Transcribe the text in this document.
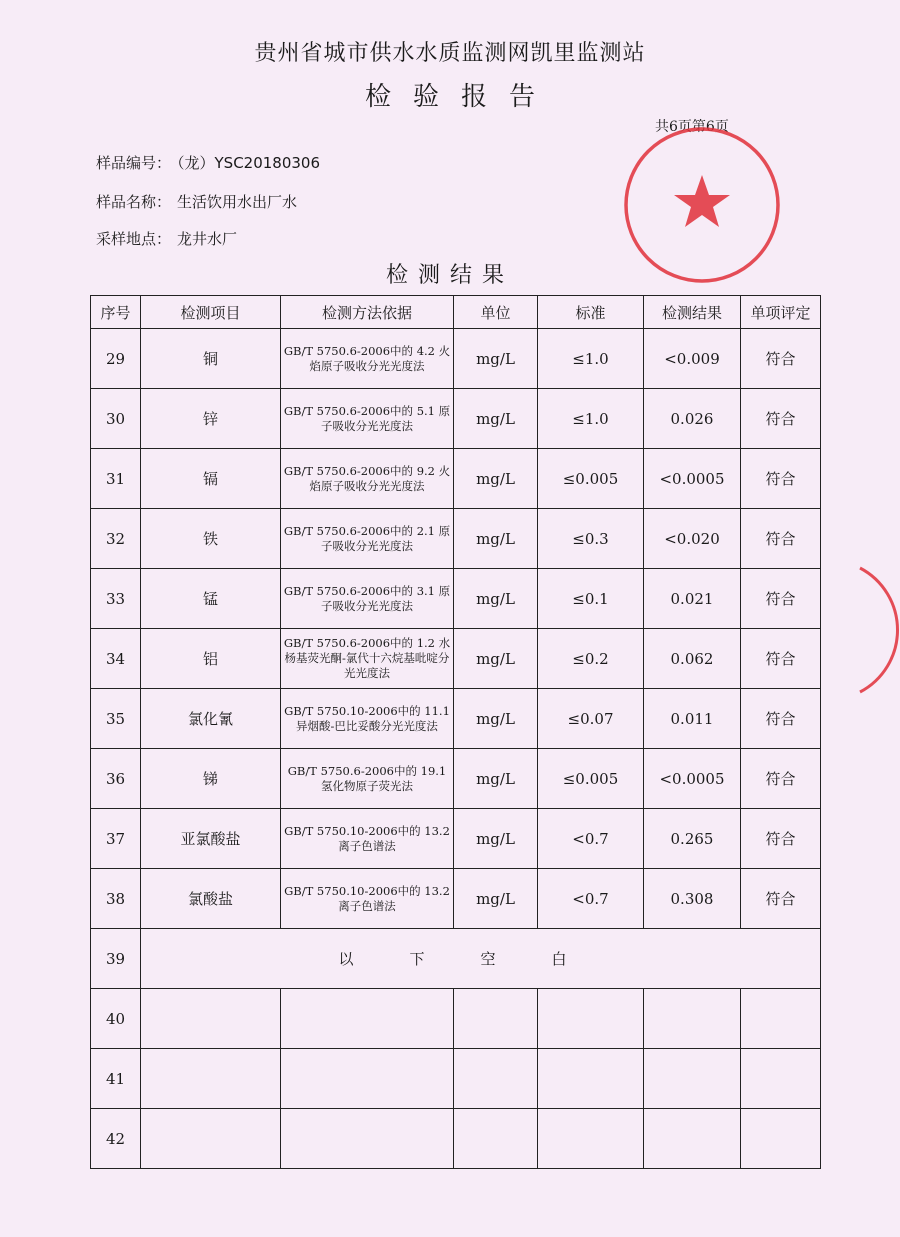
贵州省城市供水水质监测网凯里监测站
检验报告
共6页第6页
样品编号： （龙）YSC20180306
样品名称： 生活饮用水出厂水
采样地点： 龙井水厂
检测结果
序号	检测项目	检测方法依据	单位	标准	检测结果	单项评定
29	铜	GB/T 5750.6-2006中的 4.2 火焰原子吸收分光光度法	mg/L	≤1.0	<0.009	符合
30	锌	GB/T 5750.6-2006中的 5.1 原子吸收分光光度法	mg/L	≤1.0	0.026	符合
31	镉	GB/T 5750.6-2006中的 9.2 火焰原子吸收分光光度法	mg/L	≤0.005	<0.0005	符合
32	铁	GB/T 5750.6-2006中的 2.1 原子吸收分光光度法	mg/L	≤0.3	<0.020	符合
33	锰	GB/T 5750.6-2006中的 3.1 原子吸收分光光度法	mg/L	≤0.1	0.021	符合
34	铝	GB/T 5750.6-2006中的 1.2 水杨基荧光酮-氯代十六烷基吡啶分光光度法	mg/L	≤0.2	0.062	符合
35	氯化氰	GB/T 5750.10-2006中的 11.1 异烟酸-巴比妥酸分光光度法	mg/L	≤0.07	0.011	符合
36	锑	GB/T 5750.6-2006中的 19.1 氢化物原子荧光法	mg/L	≤0.005	<0.0005	符合
37	亚氯酸盐	GB/T 5750.10-2006中的 13.2 离子色谱法	mg/L	<0.7	0.265	符合
38	氯酸盐	GB/T 5750.10-2006中的 13.2 离子色谱法	mg/L	<0.7	0.308	符合
39	以下空白					
40						
41						
42						
